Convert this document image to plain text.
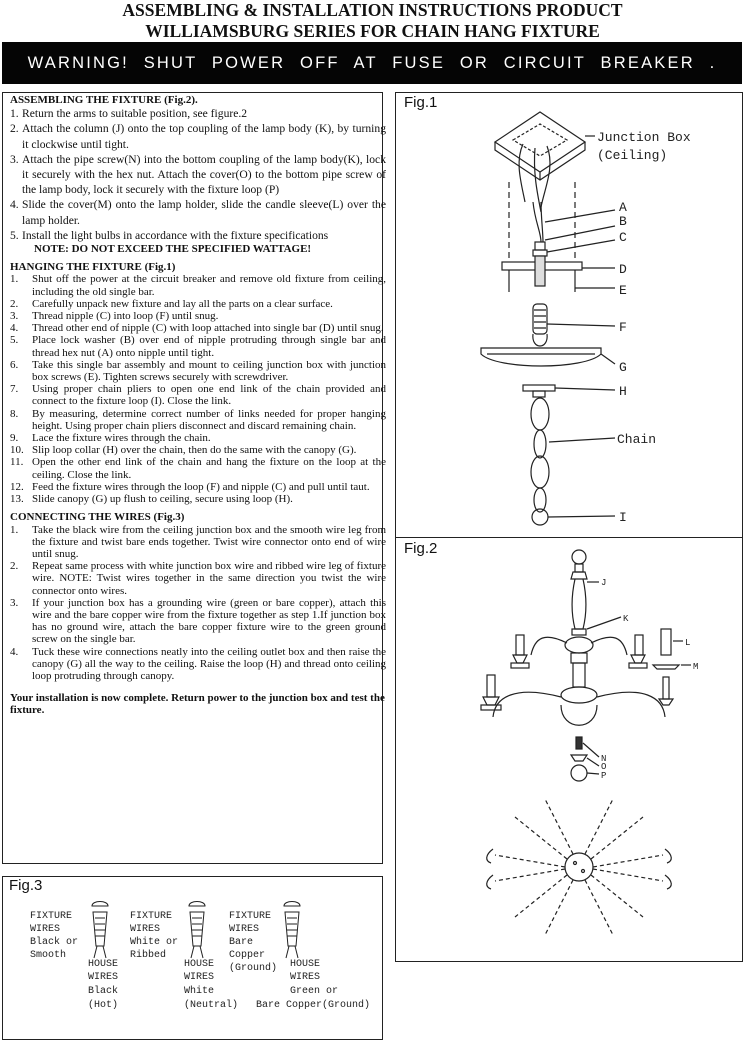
ASSEMBLING & INSTALLATION INSTRUCTIONS PRODUCT
WILLIAMSBURG SERIES FOR CHAIN HANG FIXTURE
WARNING! SHUT POWER OFF AT FUSE OR CIRCUIT BREAKER .
ASSEMBLING THE FIXTURE (Fig.2).
1. Return the arms to suitable position, see figure.2
2. Attach the column (J) onto the top coupling of the lamp body (K), by turning it clockwise until tight.
3. Attach the pipe screw(N) into the bottom coupling of the lamp body(K), lock it securely with the hex nut. Attach the cover(O) to the bottom pipe screw of the lamp body, lock it securely with the fixture loop (P)
4. Slide the cover(M) onto the lamp holder, slide the candle sleeve(L) over the lamp holder.
5. Install the light bulbs in accordance with the fixture specifications
NOTE: DO NOT EXCEED THE SPECIFIED WATTAGE!
HANGING THE FIXTURE (Fig.1)
1. Shut off the power at the circuit breaker and remove old fixture from ceiling, including the old single bar.
2. Carefully unpack new fixture and lay all the parts on a clear surface.
3. Thread nipple (C) into loop (F) until snug.
4. Thread other end of nipple (C) with loop attached into single bar (D) until snug.
5. Place lock washer (B) over end of nipple protruding through single bar and thread hex nut (A) onto nipple until tight.
6. Take this single bar assembly and mount to ceiling junction box with junction box screws (E). Tighten screws securely with screwdriver.
7. Using proper chain pliers to open one end link of the chain provided and connect to the fixture loop (I). Close the link.
8. By measuring, determine correct number of links needed for proper hanging height. Using proper chain pliers disconnect and discard remaining chain.
9. Lace the fixture wires through the chain.
10. Slip loop collar (H) over the chain, then do the same with the canopy (G).
11. Open the other end link of the chain and hang the fixture on the loop at the ceiling. Close the link.
12. Feed the fixture wires through the loop (F) and nipple (C) and pull until taut.
13. Slide canopy (G) up flush to ceiling, secure using loop (H).
CONNECTING THE WIRES (Fig.3)
1. Take the black wire from the ceiling junction box and the smooth wire leg from the fixture and twist bare ends together. Twist wire connector onto end of wire until snug.
2. Repeat same process with white junction box wire and ribbed wire leg of fixture wire. NOTE: Twist wires together in the same direction you twist the wire connector onto wires.
3. If your junction box has a grounding wire (green or bare copper), attach this wire and the bare copper wire from the fixture together as step 1.If junction box has no ground wire, attach the bare copper fixture wire to the green ground screw on the single bar.
4. Tuck these wire connections neatly into the ceiling outlet box and then raise the canopy (G) all the way to the ceiling. Raise the loop (H) and thread onto ceiling loop protruding through canopy.
Your installation is now complete. Return power to the junction box and test the fixture.
Fig.1
Junction Box
(Ceiling)
A
B
C
D
E
F
G
H
Chain
I
Fig.2
J
K
L
M
N
O
P
Fig.3
FIXTURE
WIRES
Black or
Smooth
HOUSE
WIRES
Black
(Hot)
FIXTURE
WIRES
White or
Ribbed
HOUSE
WIRES
White
(Neutral)
FIXTURE
WIRES
Bare
Copper
(Ground) HOUSE
WIRES
Green or
Bare Copper(Ground)
